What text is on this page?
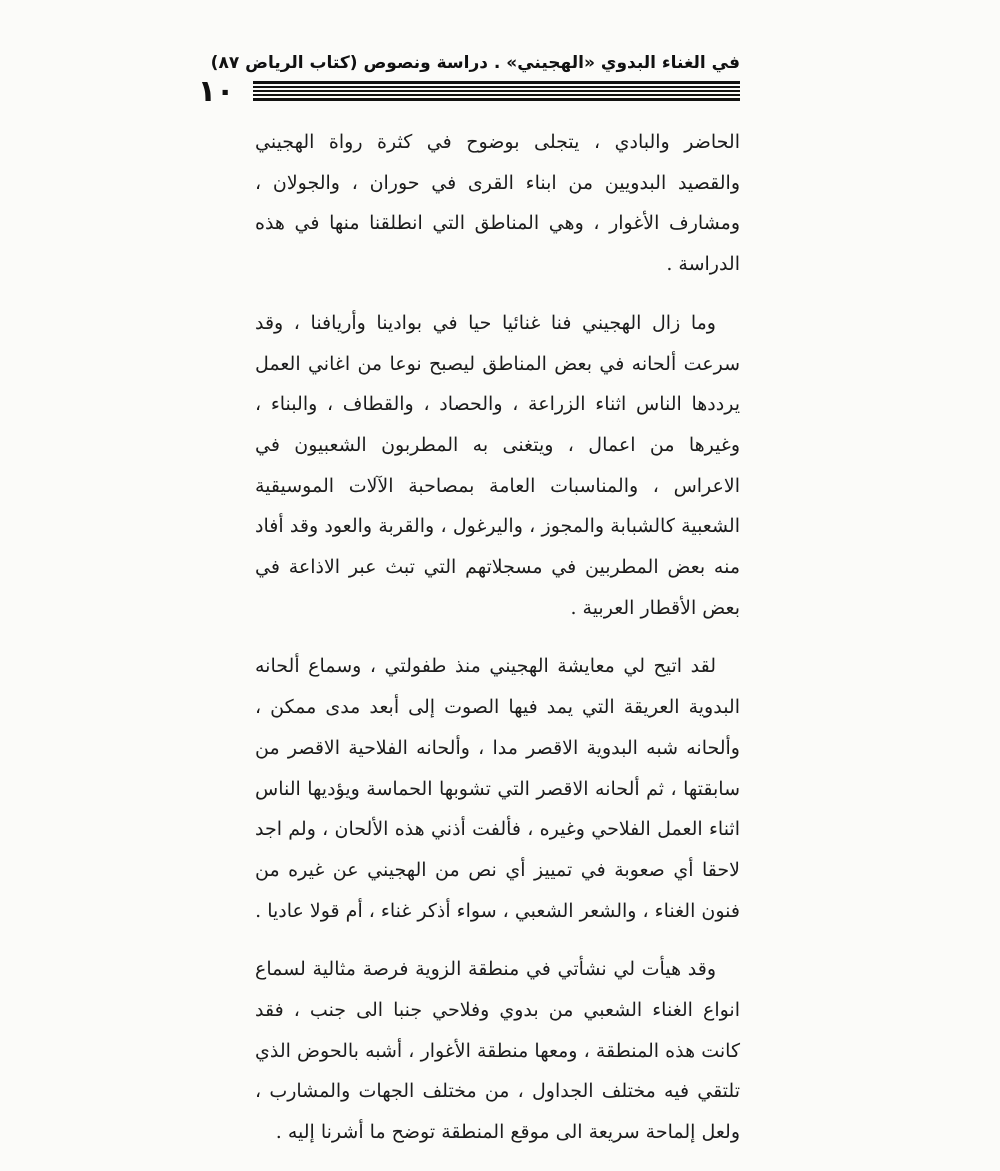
في الغناء البدوي «الهجيني» . دراسة ونصوص (كتاب الرياض ٨٧)
١٠

الحاضر والبادي ، يتجلى بوضوح في كثرة رواة الهجيني والقصيد البدويين من ابناء القرى في حوران ، والجولان ، ومشارف الأغوار ، وهي المناطق التي انطلقنا منها في هذه الدراسة .

وما زال الهجيني فنا غنائيا حيا في بوادينا وأريافنا ، وقد سرعت ألحانه في بعض المناطق ليصبح نوعا من اغاني العمل يرددها الناس اثناء الزراعة ، والحصاد ، والقطاف ، والبناء ، وغيرها من اعمال ، ويتغنى به المطربون الشعبيون في الاعراس ، والمناسبات العامة بمصاحبة الآلات الموسيقية الشعبية كالشبابة والمجوز ، واليرغول ، والقربة والعود وقد أفاد منه بعض المطربين في مسجلاتهم التي تبث عبر الاذاعة في بعض الأقطار العربية .

لقد اتيح لي معايشة الهجيني منذ طفولتي ، وسماع ألحانه البدوية العريقة التي يمد فيها الصوت إلى أبعد مدى ممكن ، وألحانه شبه البدوية الاقصر مدا ، وألحانه الفلاحية الاقصر من سابقتها ، ثم ألحانه الاقصر التي تشوبها الحماسة ويؤديها الناس اثناء العمل الفلاحي وغيره ، فألفت أذني هذه الألحان ، ولم اجد لاحقا أي صعوبة في تمييز أي نص من الهجيني عن غيره من فنون الغناء ، والشعر الشعبي ، سواء أذكر غناء ، أم قولا عاديا .

وقد هيأت لي نشأتي في منطقة الزوية فرصة مثالية لسماع انواع الغناء الشعبي من بدوي وفلاحي جنبا الى جنب ، فقد كانت هذه المنطقة ، ومعها منطقة الأغوار ، أشبه بالحوض الذي تلتقي فيه مختلف الجداول ، من مختلف الجهات والمشارب ، ولعل إلماحة سريعة الى موقع المنطقة توضح ما أشرنا إليه .
